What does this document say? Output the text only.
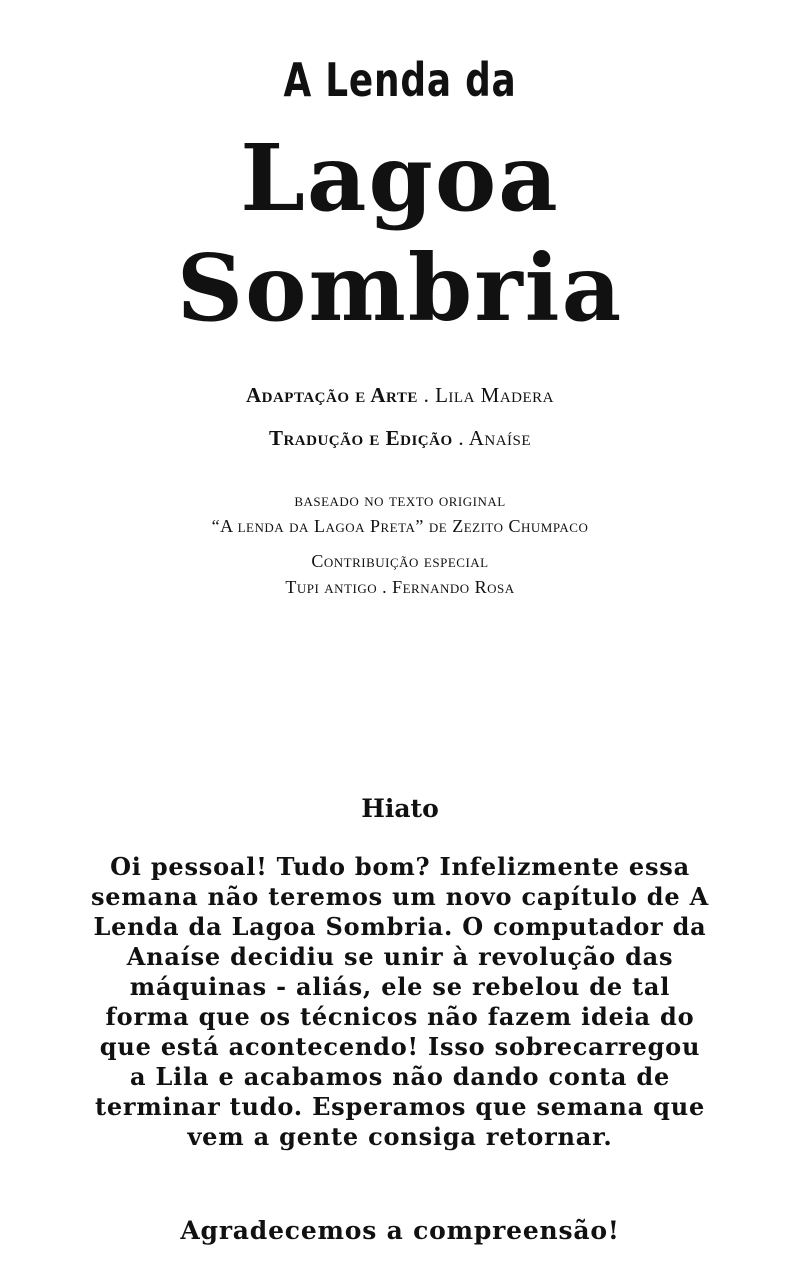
A Lenda da
Lagoa
Sombria
Adaptação e Arte . Lila Madera
Tradução e Edição . Anaíse
baseado no texto original
“A lenda da Lagoa Preta” de Zezito Chumpaco
Contribuição especial
Tupi antigo . Fernando Rosa
Hiato
Oi pessoal! Tudo bom? Infelizmente essa semana não teremos um novo capítulo de A Lenda da Lagoa Sombria. O computador da Anaíse decidiu se unir à revolução das máquinas - aliás, ele se rebelou de tal forma que os técnicos não fazem ideia do que está acontecendo! Isso sobrecarregou a Lila e acabamos não dando conta de terminar tudo. Esperamos que semana que vem a gente consiga retornar.
Agradecemos a compreensão!
